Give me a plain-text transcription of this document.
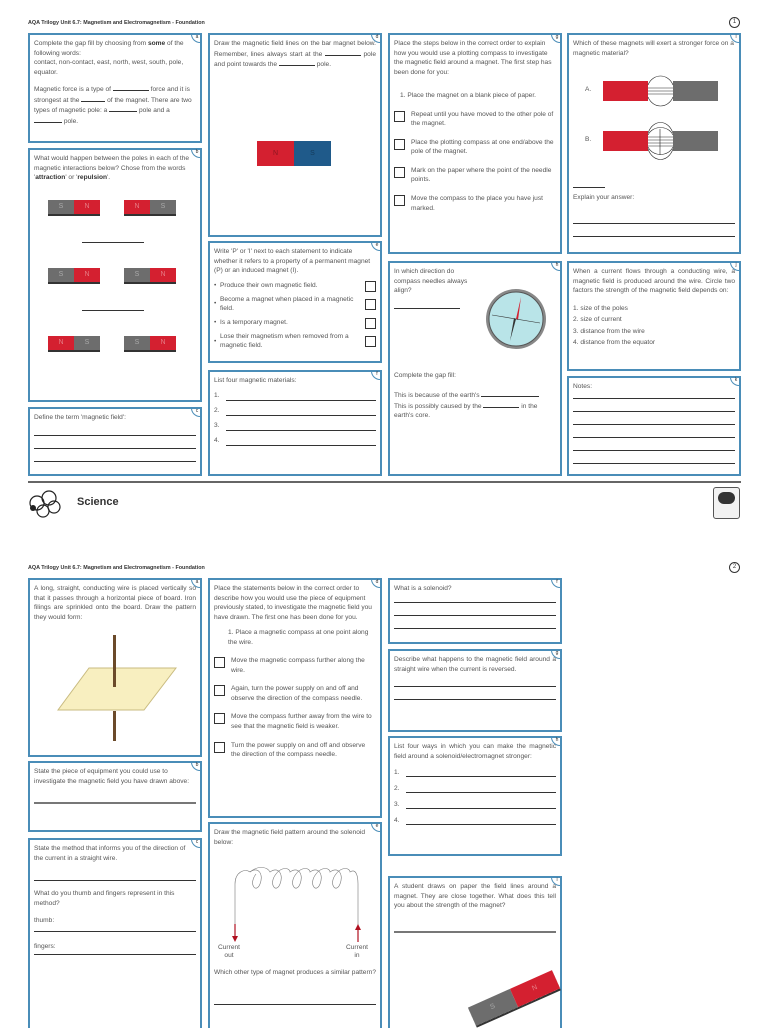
AQA Trilogy Unit 6.7: Magnetism and Electromagnetism - Foundation	1
a
Complete the gap fill by choosing from some of the following words:
contact, non-contact, east, north, west, south, pole, equator.
Magnetic force is a type of	force and it is strongest at the	of the magnet. There are two types of magnetic pole: a	pole and a  pole.
b
What would happen between the poles in each of the magnetic interactions below? Chose from the words 'attraction' or 'repulsion'.
S	N	N	S
S	N	S	N
N	S	S	N
c
Define the term 'magnetic field':
d
Draw the magnetic field lines on the bar magnet below. Remember, lines always start at the	pole and point towards the	pole.
N	S
e
Write 'P' or 'I' next to each statement to indicate whether it refers to a property of a permanent magnet (P) or an induced magnet (I).
• Produce their own magnetic field.
•
Become a magnet when placed in a magnetic field.
• Is a temporary magnet.
•
Lose their magnetism when removed from a magnetic field.
f
List four magnetic materials:
1.
2.
3.
4.
g
Place the steps below in the correct order to explain how you would use a plotting compass to investigate the magnetic field around a magnet. The first step has been done for you:
1. Place the magnet on a blank piece of paper.
Repeat until you have moved to the other pole of the magnet.
Place the plotting compass at one end/above the pole of the magnet.
Mark on the paper where the point of the needle points.
Move the compass to the place you have just marked.
h
In which direction do compass needles always align?
Complete the gap fill:
This is because of the earth's
This is possibly caused by the	in the earth's core.
i
Which of these magnets will exert a stronger force on a magnetic material?
A.
B.
Explain your answer:
j
When a current flows through a conducting wire, a magnetic field is produced around the wire. Circle two factors the strength of the magnetic field depends on:
1. size of the poles
2. size of current
3. distance from the wire
4. distance from the equator
k
Notes:
Science
AQA Trilogy Unit 6.7: Magnetism and Electromagnetism - Foundation	2
a
A long, straight, conducting wire is placed vertically so that it passes through a horizontal piece of board. Iron filings are sprinkled onto the board. Draw the pattern they would form:
b
State the piece of equipment you could use to investigate the magnetic field you have drawn above:
c
State the method that informs you of the direction of the current in a straight wire.
What do you thumb and fingers represent in this method?
thumb:
fingers:
d
Place the statements below in the correct order to describe how you would use the piece of equipment previously stated, to investigate the magnetic field you have drawn. The first one has been done for you.
1. Place a magnetic compass at one point along the wire.
Move the magnetic compass further along the wire.
Again, turn the power supply on and off and observe the direction of the compass needle.
Move the compass further away from the wire to see that the magnetic field is weaker.
Turn the power supply on and off and observe the direction of the compass needle.
e
Draw the magnetic field pattern around the solenoid below:
Current out
Current in
Which other type of magnet produces a similar pattern?
f
What is a solenoid?
g
Describe what happens to the magnetic field around a straight wire when the current is reversed.
h
List four ways in which you can make the magnetic field around a solenoid/electromagnet stronger:
1.
2.
3.
4.
i
A student draws on paper the field lines around a magnet. They are close together. What does this tell you about the strength of the magnet?
S
N
